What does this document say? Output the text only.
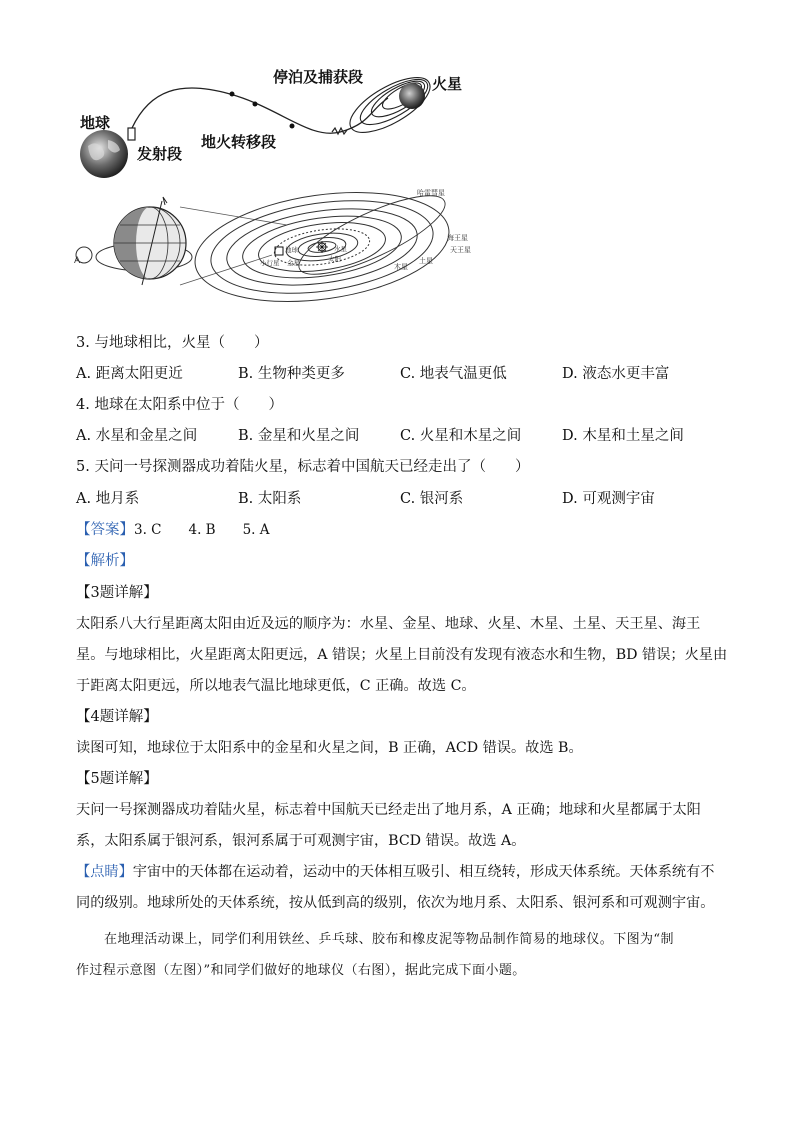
停泊及捕获段	火星
地球
发射段
地火转移段
A
哈雷彗星
海王星
天王星
土星
木星
水星
太阳
地球
金星
小行星
3. 与地球相比，火星（　　）
A. 距离太阳更近	B. 生物种类更多	C. 地表气温更低	D. 液态水更丰富
4. 地球在太阳系中位于（　　）
A. 水星和金星之间	B. 金星和火星之间	C. 火星和木星之间	D. 木星和土星之间
5. 天问一号探测器成功着陆火星，标志着中国航天已经走出了（　　）
A. 地月系	B. 太阳系	C. 银河系	D. 可观测宇宙
【答案】3. C　　4. B　　5. A
【解析】
【3题详解】
太阳系八大行星距离太阳由近及远的顺序为：水星、金星、地球、火星、木星、土星、天王星、海王
星。与地球相比，火星距离太阳更远，A 错误；火星上目前没有发现有液态水和生物，BD 错误；火星由
于距离太阳更远，所以地表气温比地球更低，C 正确。故选 C。
【4题详解】
读图可知，地球位于太阳系中的金星和火星之间，B 正确，ACD 错误。故选 B。
【5题详解】
天问一号探测器成功着陆火星，标志着中国航天已经走出了地月系，A 正确；地球和火星都属于太阳
系，太阳系属于银河系，银河系属于可观测宇宙，BCD 错误。故选 A。
【点睛】宇宙中的天体都在运动着，运动中的天体相互吸引、相互绕转，形成天体系统。天体系统有不
同的级别。地球所处的天体系统，按从低到高的级别，依次为地月系、太阳系、银河系和可观测宇宙。
在地理活动课上，同学们利用铁丝、乒乓球、胶布和橡皮泥等物品制作简易的地球仪。下图为“制
作过程示意图（左图）”和同学们做好的地球仪（右图），据此完成下面小题。
